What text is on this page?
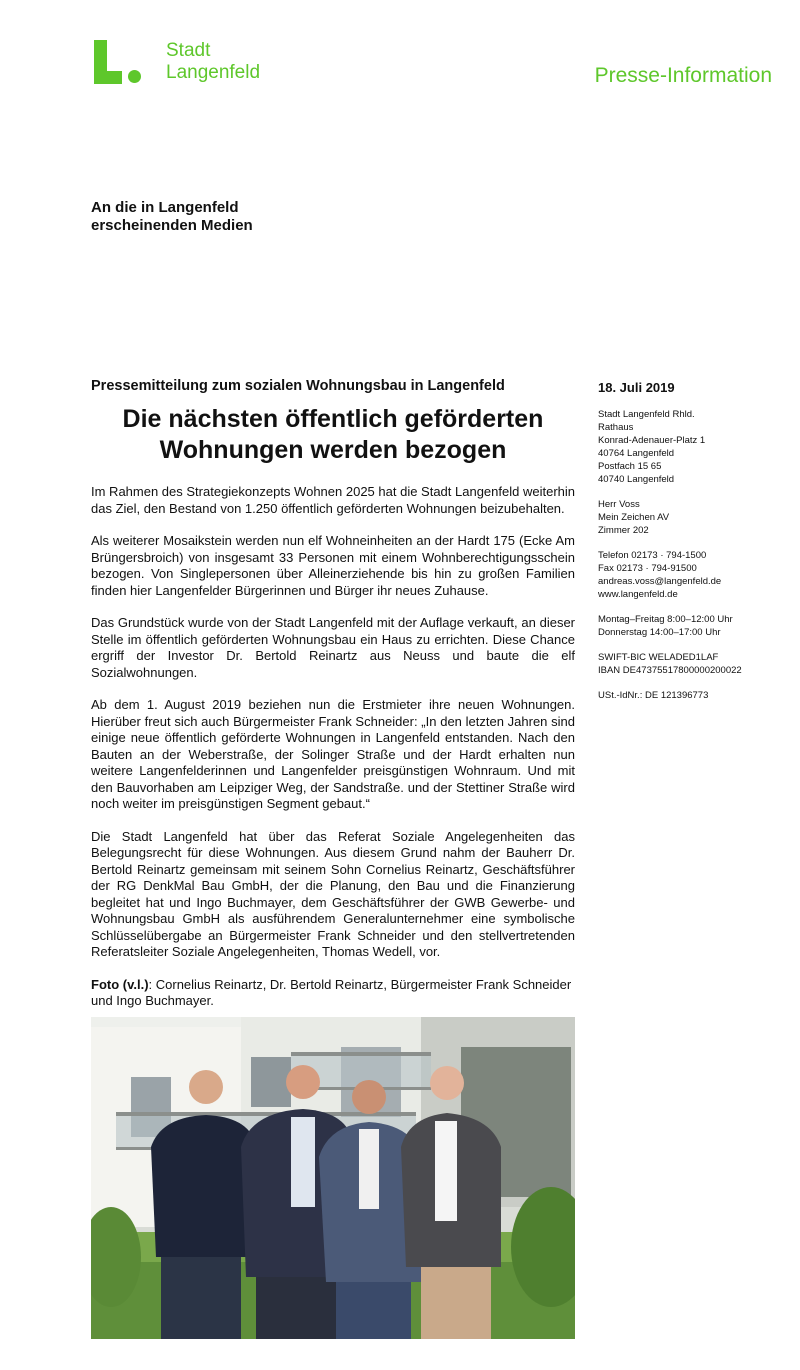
Stadt
Langenfeld	Presse-Information
An die in Langenfeld
erscheinenden Medien
Pressemitteilung zum sozialen Wohnungsbau in Langenfeld
Die nächsten öffentlich geförderten
Wohnungen werden bezogen

Im Rahmen des Strategiekonzepts Wohnen 2025 hat die Stadt Langenfeld weiterhin das Ziel, den Bestand von 1.250 öffentlich geförderten Wohnungen beizubehalten.

Als weiterer Mosaikstein werden nun elf Wohneinheiten an der Hardt 175 (Ecke Am Brüngersbroich) von insgesamt 33 Personen mit einem Wohnberechtigungsschein bezogen. Von Singlepersonen über Alleinerziehende bis hin zu großen Familien finden hier Langenfelder Bürgerinnen und Bürger ihr neues Zuhause.

Das Grundstück wurde von der Stadt Langenfeld mit der Auflage verkauft, an dieser Stelle im öffentlich geförderten Wohnungsbau ein Haus zu errichten. Diese Chance ergriff der Investor Dr. Bertold Reinartz aus Neuss und baute die elf Sozialwohnungen.

Ab dem 1. August 2019 beziehen nun die Erstmieter ihre neuen Wohnungen. Hierüber freut sich auch Bürgermeister Frank Schneider: „In den letzten Jahren sind einige neue öffentlich geförderte Wohnungen in Langenfeld entstanden. Nach den Bauten an der Weberstraße, der Solinger Straße und der Hardt erhalten nun weitere Langenfelderinnen und Langenfelder preisgünstigen Wohnraum. Und mit den Bauvorhaben am Leipziger Weg, der Sandstraße. und der Stettiner Straße wird noch weiter im preisgünstigen Segment gebaut.“

Die Stadt Langenfeld hat über das Referat Soziale Angelegenheiten das Belegungsrecht für diese Wohnungen. Aus diesem Grund nahm der Bauherr Dr. Bertold Reinartz gemeinsam mit seinem Sohn Cornelius Reinartz, Geschäftsführer der RG DenkMal Bau GmbH, der die Planung, den Bau und die Finanzierung begleitet hat und Ingo Buchmayer, dem Geschäftsführer der GWB Gewerbe- und Wohnungsbau GmbH als ausführendem Generalunternehmer eine symbolische Schlüsselübergabe an Bürgermeister Frank Schneider und den stellvertretenden Referatsleiter Soziale Angelegenheiten, Thomas Wedell, vor.

Foto (v.l.): Cornelius Reinartz, Dr. Bertold Reinartz, Bürgermeister Frank Schneider und Ingo Buchmayer.

18. Juli 2019
Stadt Langenfeld Rhld.
Rathaus
Konrad-Adenauer-Platz 1
40764 Langenfeld
Postfach 15 65
40740 Langenfeld
Herr Voss
Mein Zeichen AV
Zimmer 202
Telefon 02173 · 794-1500
Fax 02173 · 794-91500
andreas.voss@langenfeld.de
www.langenfeld.de
Montag–Freitag 8:00–12:00 Uhr
Donnerstag 14:00–17:00 Uhr
SWIFT-BIC WELADED1LAF
IBAN DE47375517800000200022
USt.-IdNr.: DE 121396773
